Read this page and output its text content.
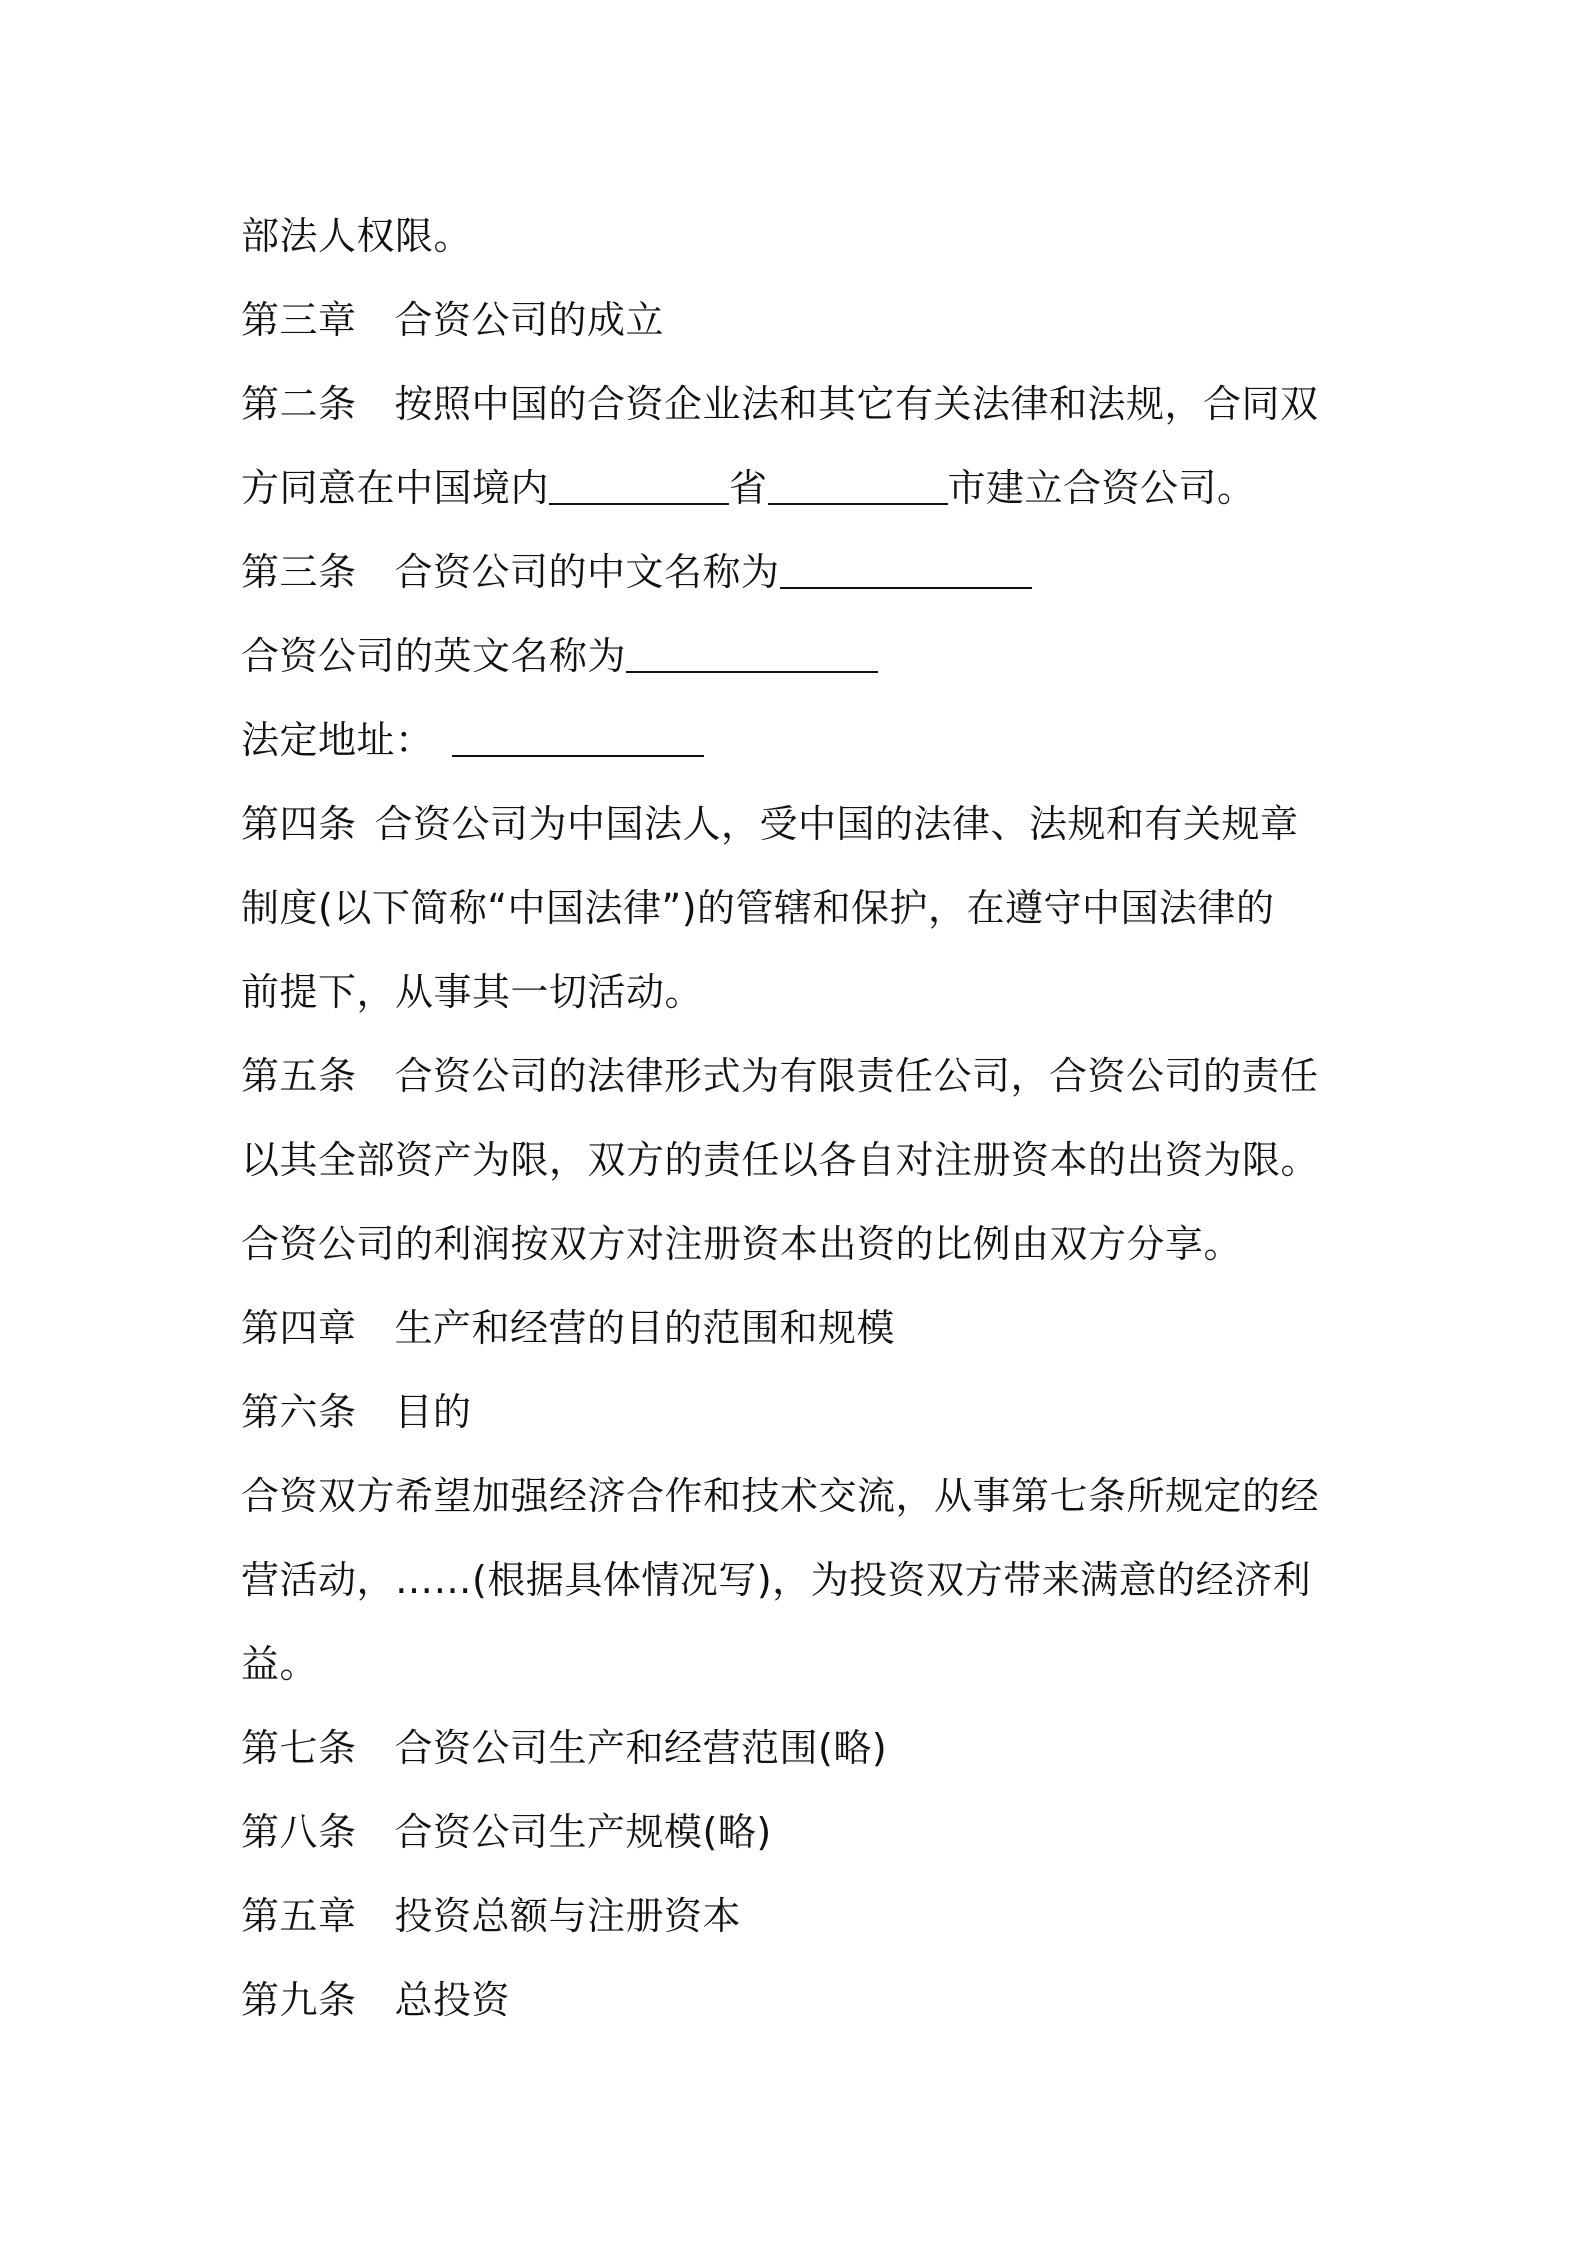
部法人权限。
第三章 合资公司的成立
第二条 按照中国的合资企业法和其它有关法律和法规，合同双
方同意在中国境内	省	市建立合资公司。
第三条 合资公司的中文名称为
合资公司的英文名称为
法定地址：
第四条 合资公司为中国法人，受中国的法律、法规和有关规章
制度(以下简称“中国法律”)的管辖和保护，在遵守中国法律的
前提下，从事其一切活动。
第五条 合资公司的法律形式为有限责任公司，合资公司的责任
以其全部资产为限，双方的责任以各自对注册资本的出资为限。
合资公司的利润按双方对注册资本出资的比例由双方分享。
第四章 生产和经营的目的范围和规模
第六条 目的
合资双方希望加强经济合作和技术交流，从事第七条所规定的经
营活动，……(根据具体情况写)，为投资双方带来满意的经济利
益。
第七条 合资公司生产和经营范围(略)
第八条 合资公司生产规模(略)
第五章 投资总额与注册资本
第九条 总投资
